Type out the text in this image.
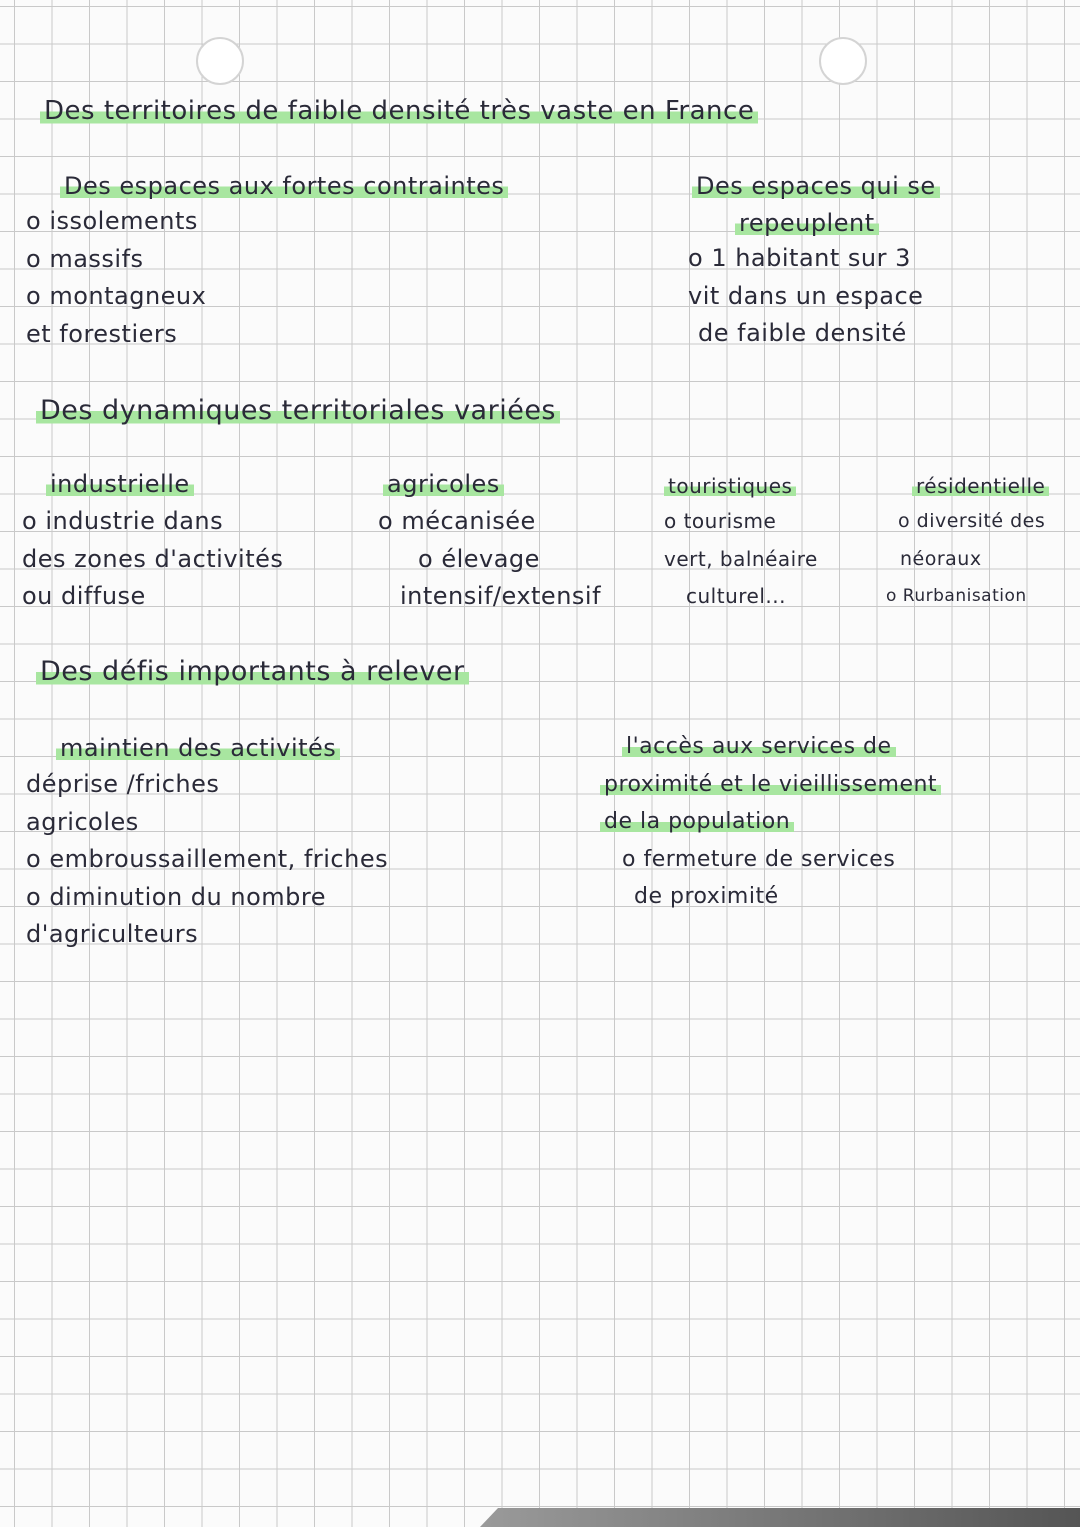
Des territoires de faible densité très vaste en France
Des espaces aux fortes contraintes
o issolements
o massifs
o montagneux
et forestiers
Des espaces qui se
repeuplent
o 1 habitant sur 3
vit dans un espace
de faible densité
Des dynamiques territoriales variées
industrielle
o industrie dans
des zones d'activités
ou diffuse
agricoles
o mécanisée
o élevage
intensif/extensif
touristiques
o tourisme
vert, balnéaire
culturel...
résidentielle
o diversité des
néoraux
o Rurbanisation
Des défis importants à relever
maintien des activités
déprise /friches
agricoles
o embroussaillement, friches
o diminution du nombre
d'agriculteurs
l'accès aux services de
proximité et le vieillissement
de la population
o fermeture de services
de proximité
